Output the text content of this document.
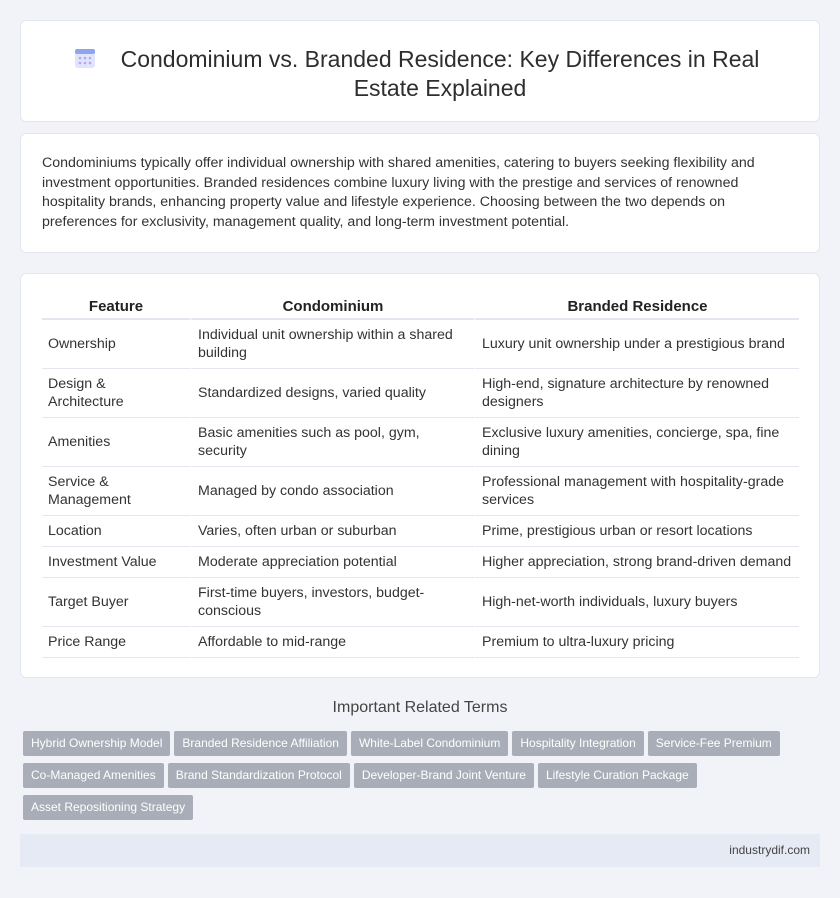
Condominium vs. Branded Residence: Key Differences in Real Estate Explained

Condominiums typically offer individual ownership with shared amenities, catering to buyers seeking flexibility and investment opportunities. Branded residences combine luxury living with the prestige and services of renowned hospitality brands, enhancing property value and lifestyle experience. Choosing between the two depends on preferences for exclusivity, management quality, and long-term investment potential.

Feature	Condominium	Branded Residence
Ownership	Individual unit ownership within a shared building	Luxury unit ownership under a prestigious brand
Design & Architecture	Standardized designs, varied quality	High-end, signature architecture by renowned designers
Amenities	Basic amenities such as pool, gym, security	Exclusive luxury amenities, concierge, spa, fine dining
Service & Management	Managed by condo association	Professional management with hospitality-grade services
Location	Varies, often urban or suburban	Prime, prestigious urban or resort locations
Investment Value	Moderate appreciation potential	Higher appreciation, strong brand-driven demand
Target Buyer	First-time buyers, investors, budget-conscious	High-net-worth individuals, luxury buyers
Price Range	Affordable to mid-range	Premium to ultra-luxury pricing
Important Related Terms
Hybrid Ownership Model Branded Residence Affiliation White-Label Condominium Hospitality Integration Service-Fee Premium
Co-Managed Amenities Brand Standardization Protocol Developer-Brand Joint Venture Lifestyle Curation Package
Asset Repositioning Strategy
industrydif.com
